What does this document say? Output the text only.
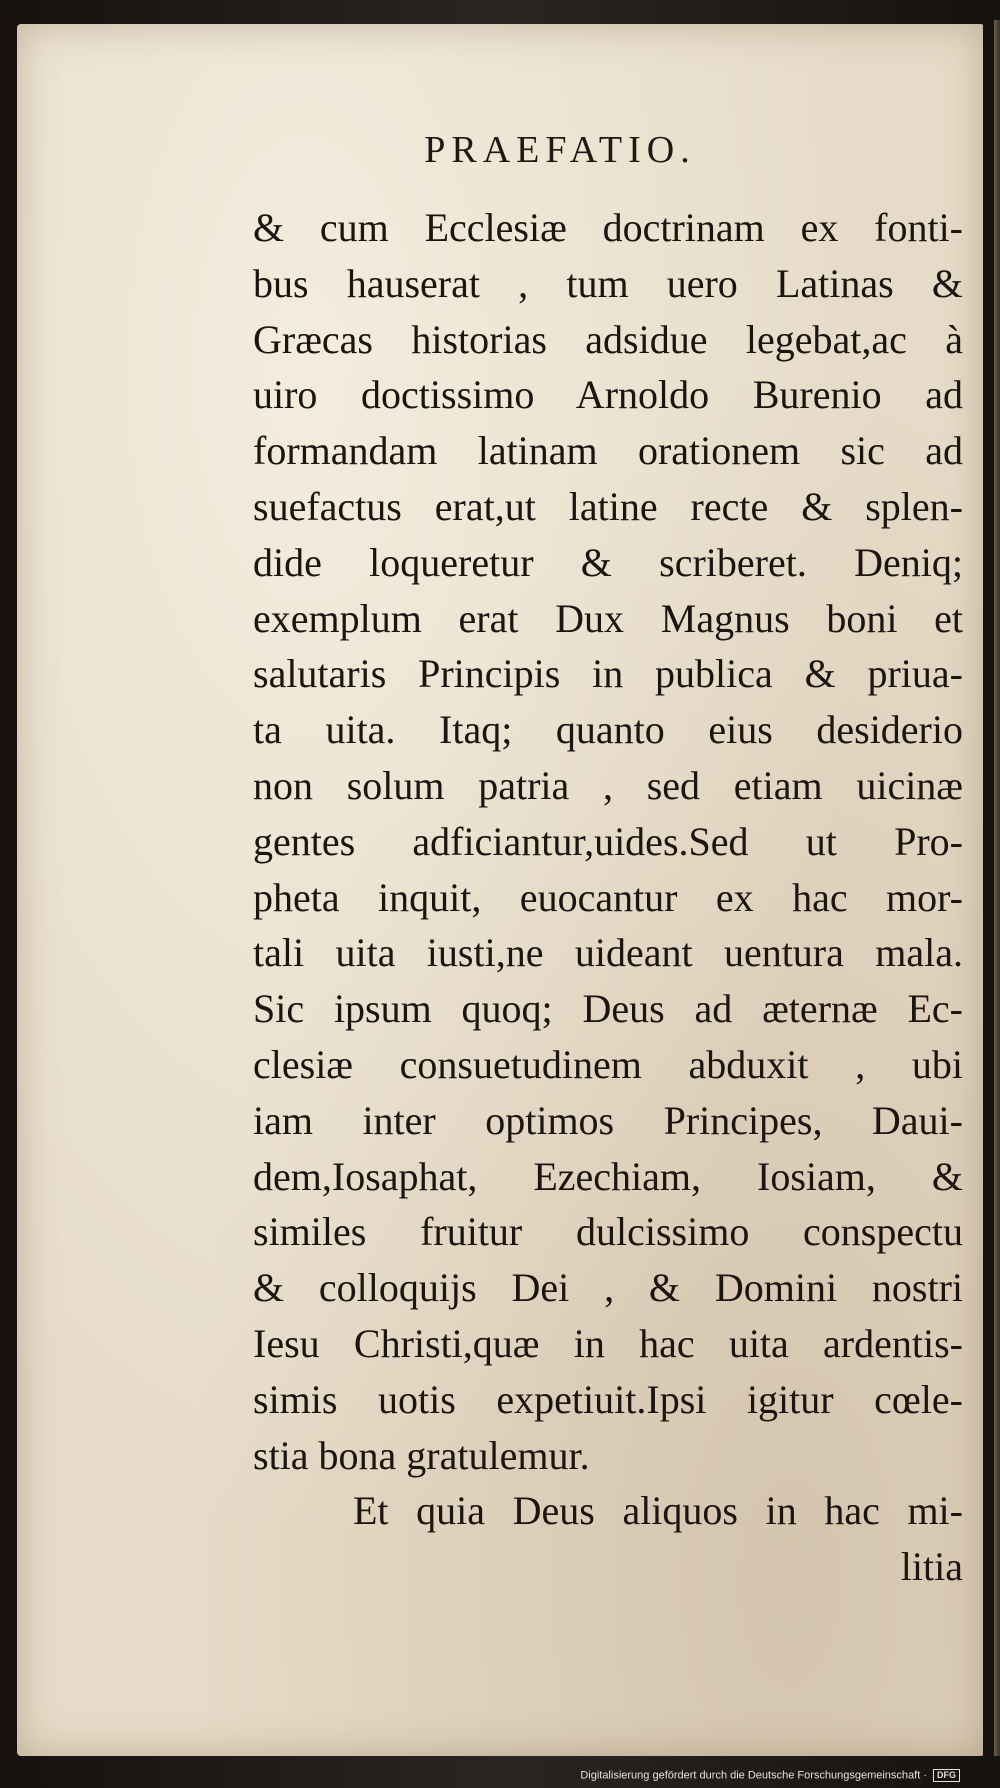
PRAEFATIO.
& cum Ecclesiæ doctrinam ex fonti-
bus hauserat , tum uero Latinas &
Græcas historias adsidue legebat,ac à
uiro doctissimo Arnoldo Burenio ad
formandam latinam orationem sic ad
suefactus erat,ut latine recte & splen-
dide loqueretur & scriberet. Deniq;
exemplum erat Dux Magnus boni et
salutaris Principis in publica & priua-
ta uita. Itaq; quanto eius desiderio
non solum patria , sed etiam uicinæ
gentes adficiantur,uides.Sed ut Pro-
pheta inquit, euocantur ex hac mor-
tali uita iusti,ne uideant uentura mala.
Sic ipsum quoq; Deus ad æternæ Ec-
clesiæ consuetudinem abduxit , ubi
iam inter optimos Principes, Daui-
dem,Iosaphat, Ezechiam, Iosiam, &
similes fruitur dulcissimo conspectu
& colloquijs Dei , & Domini nostri
Iesu Christi,quæ in hac uita ardentis-
simis uotis expetiuit.Ipsi igitur cœle-
stia bona gratulemur.
Et quia Deus aliquos in hac mi-
litia
Digitalisierung gefördert durch die Deutsche Forschungsgemeinschaft · DFG
